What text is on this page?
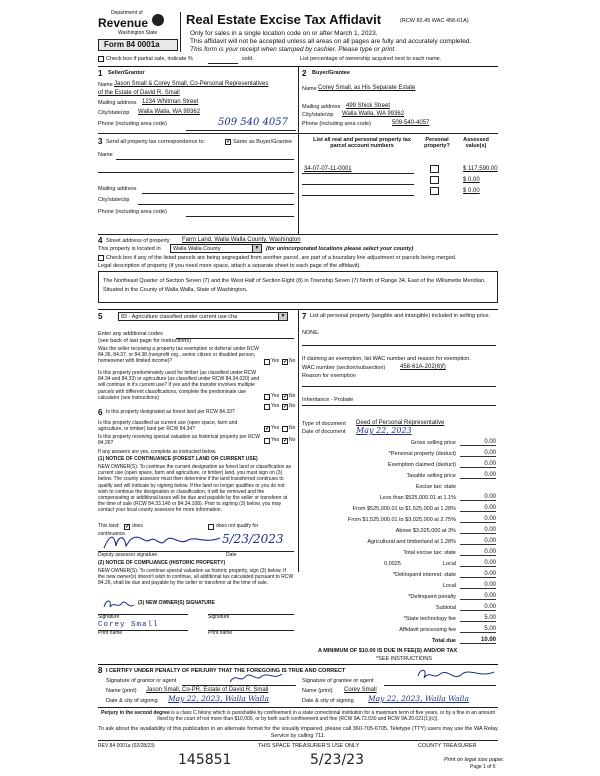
Department of
Revenue
Washington State
Form 84 0001a
Real Estate Excise Tax Affidavit	(RCW 82.45 WAC 458-61A)
Only for sales in a single location code on or after March 1, 2023.
This affidavit will not be accepted unless all areas on all pages are fully and accurately completed.
This form is your receipt when stamped by cashier. Please type or print.
Check box if partial sale, indicate %	sold.	List percentage of ownership acquired next to each name.
1 Seller/Grantor
Name Jason Small & Corey Small, Co-Personal Representatives
of the Estate of David R. Small
Mailing address 1234 Whitman Street
City/state/zip Walla Walla, WA 99362
Phone (including area code)	509 540 4057
2 Buyer/Grantee
Name Corey Small, as His Separate Estate
Mailing address 499 Shick Street
City/state/zip Walla Walla, WA 99362
Phone (including area code)	509-540-4057
3 Send all property tax correspondence to:	✓ Same as Buyer/Grantee
Name
Mailing address
City/state/zip
Phone (including area code)
List all real and personal property tax parcel account numbers
Personal property?
Assessed value(s)
34-07-07-11-0001	$ 117,590.00
$ 0.00
$ 0.00
4 Street address of property Farm Land, Walla Walla County, Washington
This property is located in Walla Walla County	▼ (for unincorporated locations please select your county)
Check box if any of the listed parcels are being segregated from another parcel, are part of a boundary line adjustment or parcels being merged.
Legal description of property (if you need more space, attach a separate sheet to each page of the affidavit).
The Northeast Quarter of Section Seven (7) and the West Half of Section Eight (8) in Township Seven (7) North of Range 34, East of the Willamette Meridian. Situated in the County of Walla Walla, State of Washington.
5	83 - Agriculture classified under current use cha	▼
Enter any additional codes
(see back of last page for instructions)
Was the seller receiving a property tax exemption or deferral under RCW 84.36, 84.37, or 84.38 (nonprofit org., senior citizen or disabled person, homeowner with limited income)?	Yes ✓ No
Is this property predominately used for timber (as classified under RCW 84.34 and 84.33) or agriculture (as classified under RCW 84.34.020) and will continue in it's current use? If yes and the transfer involves multiple parcels with different classifications, complete the predominate use calculator (see instructions)	Yes ✓ No
6 Is this property designated as forest land per RCW 84.33?
Yes ✓ No
Is this property classified as current use (open space, farm and agriculture, or timber) land per RCW 84.34?	✓ Yes No
Is this property receiving special valuation as historical property per RCW 84.26?
Yes ✓ No
If any answers are yes, complete as instructed below.
(1) NOTICE OF CONTINUANCE (FOREST LAND OR CURRENT USE)
NEW OWNER(S): To continue the current designation as forest land or classification as current use (open space, farm and agriculture, or timber) land, you must sign on (3) below. The county assessor must then determine if the land transferred continues to qualify and will indicate by signing below. If the land no longer qualifies or you do not wish to continue the designation or classification, it will be removed and the compensating or additional taxes will be due and payable by the seller or transferor at the time of sale (RCW 84.33.140 or 84.34.108). Prior to signing (3) below, you may contact your local county assessor for more information.
This land: ✓ does	does not qualify for
continuance.	5/23/2023
Deputy assessor signature	Date
(2) NOTICE OF COMPLIANCE (HISTORIC PROPERTY)
NEW OWNER(S): To continue special valuation as historic property, sign (3) below. If the new owner(s) doesn't wish to continue, all additional tax calculated pursuant to RCW 84.26, shall be due and payable by the seller or transferor at the time of sale.
(3) NEW OWNER(S) SIGNATURE
Signature	Signature
Corey Small
Print name	Print name
7 List all personal property (tangible and intangible) included in selling price.
NONE.
If claiming an exemption, list WAC number and reason for exemption.
WAC number (section/subsection) 458-61A-202(6)f)
Reason for exemption
Inheritance - Probate
Type of document Deed of Personal Representative
Date of document May 22, 2023
Gross selling price	0.00
*Personal property (deduct)	0.00
Exemption claimed (deduct)	0.00
Taxable selling price	0.00
Excise tax: state
Less than $525,000.01 at 1.1%	0.00
From $525,000.01 to $1,525,000 at 1.28%	0.00
From $1,525,000.01 to $3,025,000 at 2.75%	0.00
Above $3,025,000 at 3%	0.00
Agricultural and timberland at 1.28%	0.00
Total excise tax: state	0.00
0.0025	Local	0.00
*Delinquent interest: state	0.00
Local	0.00
*Delinquent penalty	0.00
Subtotal	0.00
*State technology fee	5.00
Affidavit processing fee	5.00
Total due	10.00
A MINIMUM OF $10.00 IS DUE IN FEE(S) AND/OR TAX
*SEE INSTRUCTIONS
8 I CERTIFY UNDER PENALTY OF PERJURY THAT THE FOREGOING IS TRUE AND CORRECT
Signature of grantor or agent
Name (print) Jason Small, Co-PR, Estate of David R. Small
Date & city of signing May 22, 2023, Walla Walla
Signature of grantee or agent
Name (print) Corey Small
Date & city of signing May 22, 2023, Walla Walla
Perjury in the second degree is a class C felony which is punishable by confinement in a state correctional institution for a maximum term of five years, or by a fine in an amount fixed by the court of not more than $10,000, or by both such confinement and fine (RCW 9A.72.030 and RCW 9A.20.021(1)(c)).
To ask about the availability of this publication in an alternate format for the visually impaired, please call 360-705-6705. Teletype (TTY) users may use the WA Relay Service by calling 711.
REV 84 0001a (02/28/23)	THIS SPACE TREASURER'S USE ONLY	COUNTY TREASURER
145851	5/23/23	Print on legal size paper.
Page 1 of 6
